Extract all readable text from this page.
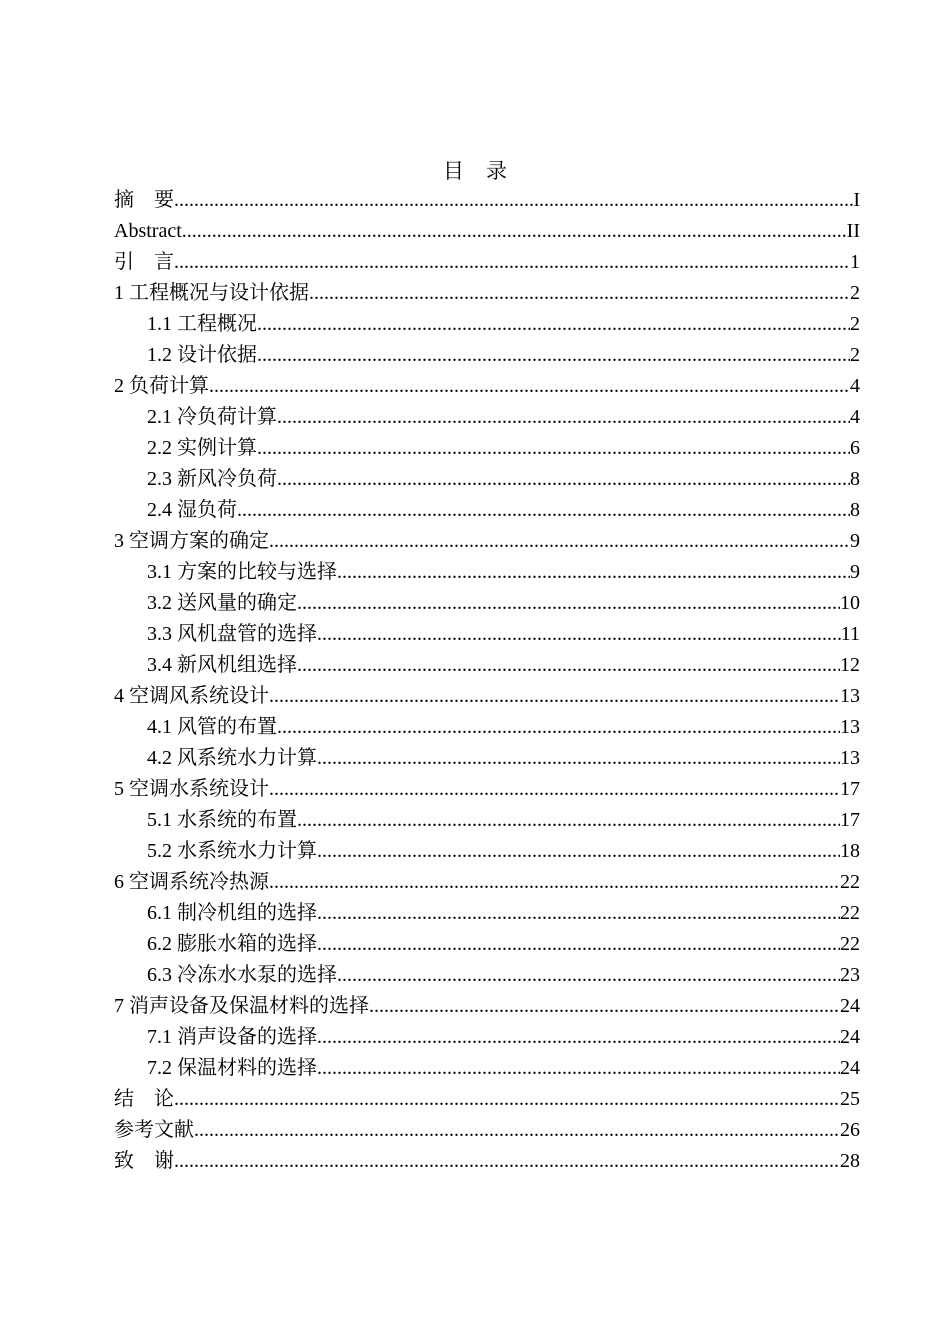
目 录
摘　要 .....	I
Abstract .....	II
引　言 .....	1
1 工程概况与设计依据 .....	2
1.1 工程概况 .....	2
1.2 设计依据 .....	2
2 负荷计算 .....	4
2.1 冷负荷计算 .....	4
2.2 实例计算 .....	6
2.3 新风冷负荷 .....	8
2.4 湿负荷 .....	8
3 空调方案的确定 .....	9
3.1 方案的比较与选择 .....	9
3.2 送风量的确定 .....	10
3.3 风机盘管的选择 .....	11
3.4 新风机组选择 .....	12
4 空调风系统设计 .....	13
4.1 风管的布置 .....	13
4.2 风系统水力计算 .....	13
5 空调水系统设计 .....	17
5.1 水系统的布置 .....	17
5.2 水系统水力计算 .....	18
6 空调系统冷热源 .....	22
6.1 制冷机组的选择 .....	22
6.2 膨胀水箱的选择 .....	22
6.3 冷冻水水泵的选择 .....	23
7 消声设备及保温材料的选择 .....	24
7.1 消声设备的选择 .....	24
7.2 保温材料的选择 .....	24
结　论 .....	25
参考文献 .....	26
致　谢 .....	28
